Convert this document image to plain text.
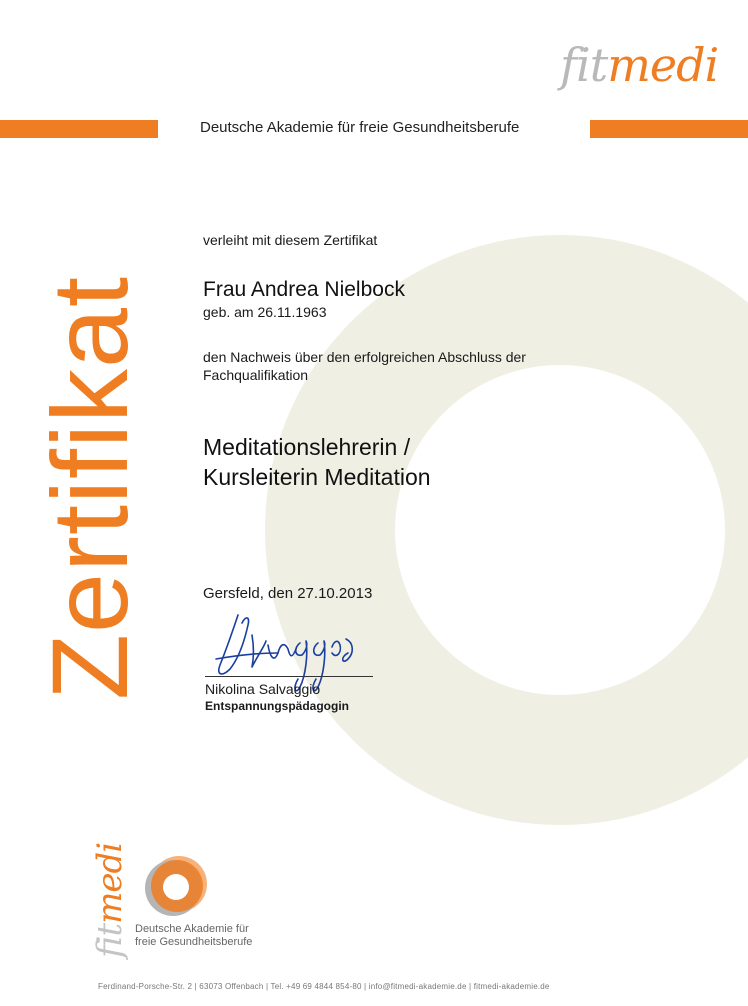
fitmedi
Deutsche Akademie für freie Gesundheitsberufe
Zertifikat
verleiht mit diesem Zertifikat
Frau Andrea Nielbock
geb. am 26.11.1963
den Nachweis über den erfolgreichen Abschluss der
Fachqualifikation
Meditationslehrerin /
Kursleiterin Meditation
Gersfeld, den 27.10.2013
Nikolina Salvaggio
Entspannungspädagogin
fitmedi
Deutsche Akademie für
freie Gesundheitsberufe
Ferdinand-Porsche-Str. 2 | 63073 Offenbach | Tel. +49 69 4844 854-80 | info@fitmedi-akademie.de | fitmedi-akademie.de
